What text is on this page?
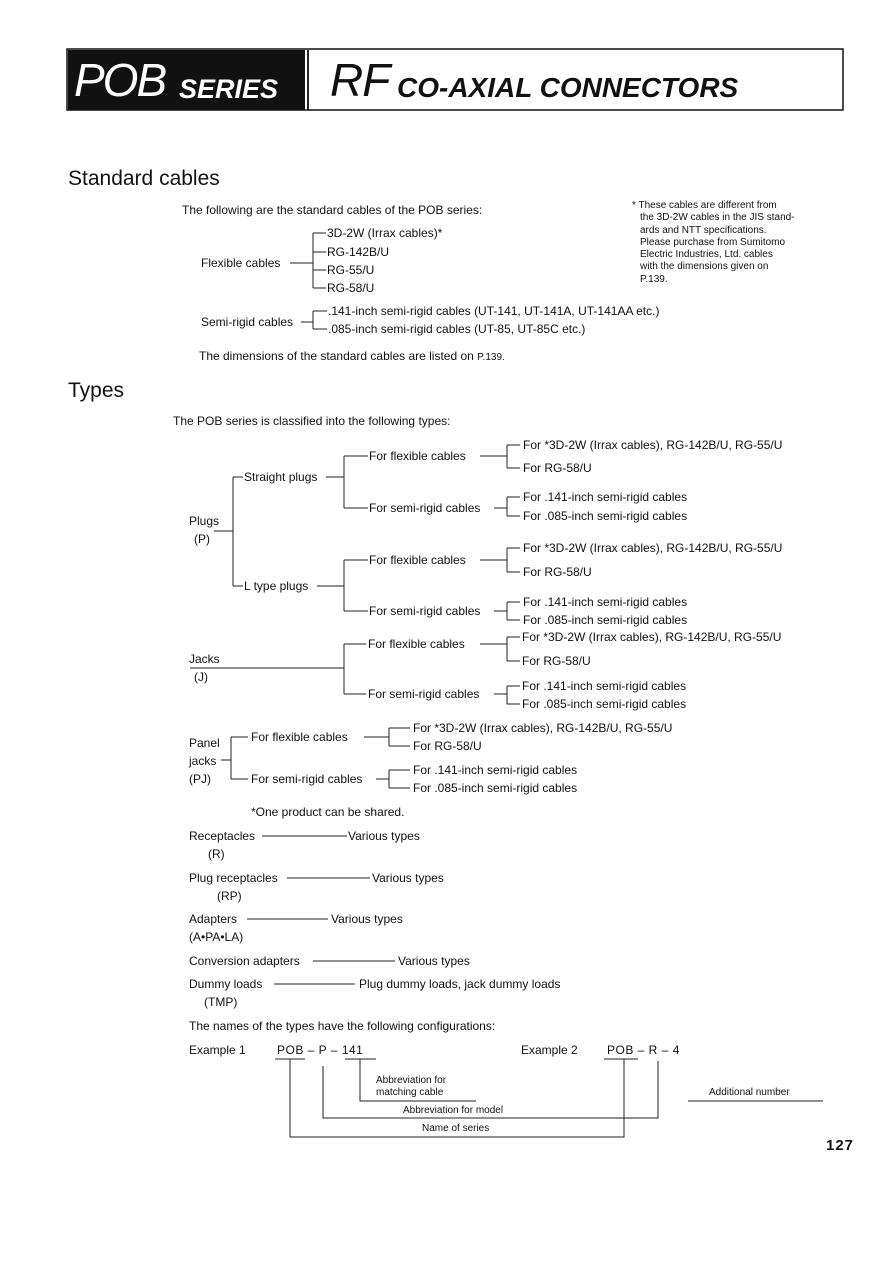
POB SERIES RF CO-AXIAL CONNECTORS
Standard cables
The following are the standard cables of the POB series:
Flexible cables
3D-2W (Irrax cables)*
RG-142B/U
RG-55/U
RG-58/U
Semi-rigid cables
.141-inch semi-rigid cables (UT-141, UT-141A, UT-141AA etc.)
.085-inch semi-rigid cables (UT-85, UT-85C etc.)
The dimensions of the standard cables are listed on P.139.
* These cables are different from
the 3D-2W cables in the JIS stand-
ards and NTT specifications.
Please purchase from Sumitomo
Electric Industries, Ltd. cables
with the dimensions given on
P.139.
Types
The POB series is classified into the following types:
Plugs
(P)
Straight plugs
For flexible cables
For *3D-2W (Irrax cables), RG-142B/U, RG-55/U
For RG-58/U
For semi-rigid cables
For .141-inch semi-rigid cables
For .085-inch semi-rigid cables
L type plugs
For flexible cables
For *3D-2W (Irrax cables), RG-142B/U, RG-55/U
For RG-58/U
For semi-rigid cables
For .141-inch semi-rigid cables
For .085-inch semi-rigid cables
Jacks
(J)
For flexible cables	For *3D-2W (Irrax cables), RG-142B/U, RG-55/U
For RG-58/U
For semi-rigid cables
For .141-inch semi-rigid cables
For .085-inch semi-rigid cables
Panel
jacks
(PJ)
For flexible cables
For *3D-2W (Irrax cables), RG-142B/U, RG-55/U
For RG-58/U
For semi-rigid cables
For .141-inch semi-rigid cables
For .085-inch semi-rigid cables
*One product can be shared.
Receptacles
(R)
Various types
Plug receptacles
(RP)
Various types
Adapters
(A•PA•LA)
Various types
Conversion adapters	Various types
Dummy loads
(TMP)
Plug dummy loads, jack dummy loads
The names of the types have the following configurations:
Example 1	POB – P – 141	Example 2 POB – R – 4
Abbreviation for
matching cable
Abbreviation for model
Name of series
Additional number
127
